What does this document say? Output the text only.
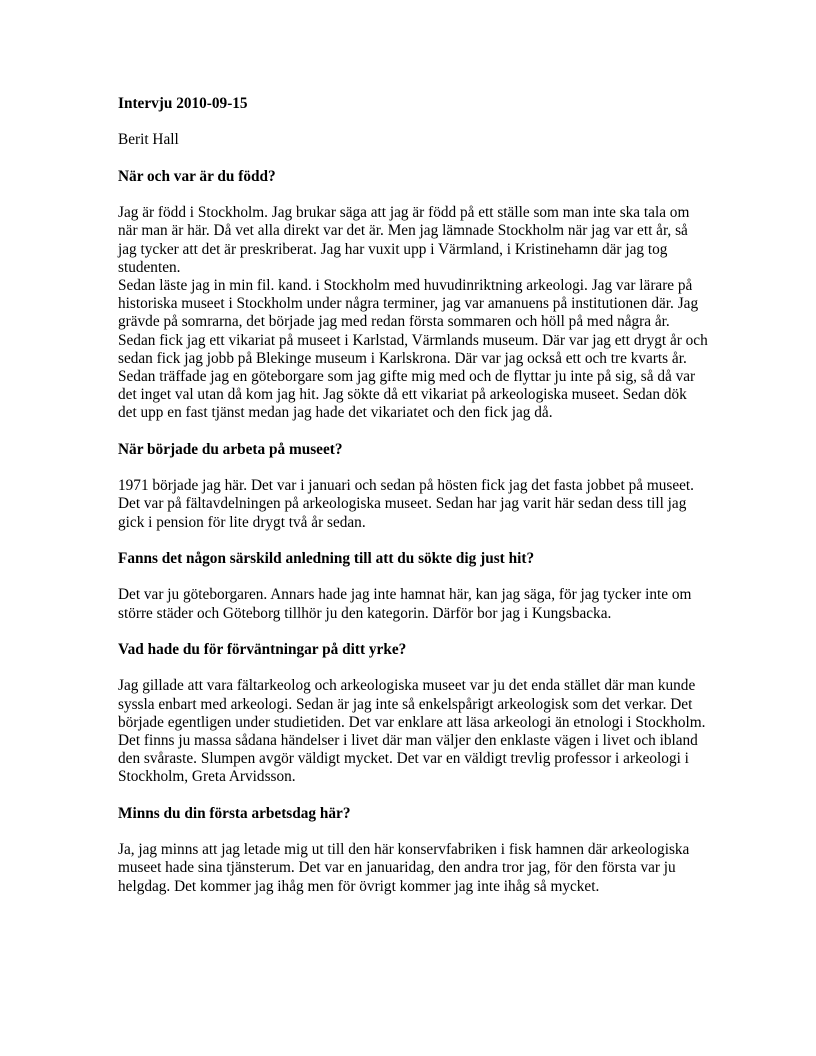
Intervju 2010-09-15
Berit Hall
När och var är du född?
Jag är född i Stockholm. Jag brukar säga att jag är född på ett ställe som man inte ska tala om när man är här. Då vet alla direkt var det är. Men jag lämnade Stockholm när jag var ett år, så jag tycker att det är preskriberat. Jag har vuxit upp i Värmland, i Kristinehamn där jag tog studenten.
Sedan läste jag in min fil. kand. i Stockholm med huvudinriktning arkeologi. Jag var lärare på historiska museet i Stockholm under några terminer, jag var amanuens på institutionen där. Jag grävde på somrarna, det började jag med redan första sommaren och höll på med några år. Sedan fick jag ett vikariat på museet i Karlstad, Värmlands museum. Där var jag ett drygt år och sedan fick jag jobb på Blekinge museum i Karlskrona. Där var jag också ett och tre kvarts år. Sedan träffade jag en göteborgare som jag gifte mig med och de flyttar ju inte på sig, så då var det inget val utan då kom jag hit. Jag sökte då ett vikariat på arkeologiska museet. Sedan dök det upp en fast tjänst medan jag hade det vikariatet och den fick jag då.
När började du arbeta på museet?
1971 började jag här. Det var i januari och sedan på hösten fick jag det fasta jobbet på museet. Det var på fältavdelningen på arkeologiska museet. Sedan har jag varit här sedan dess till jag gick i pension för lite drygt två år sedan.
Fanns det någon särskild anledning till att du sökte dig just hit?
Det var ju göteborgaren. Annars hade jag inte hamnat här, kan jag säga, för jag tycker inte om större städer och Göteborg tillhör ju den kategorin. Därför bor jag i Kungsbacka.
Vad hade du för förväntningar på ditt yrke?
Jag gillade att vara fältarkeolog och arkeologiska museet var ju det enda stället där man kunde syssla enbart med arkeologi. Sedan är jag inte så enkelspårigt arkeologisk som det verkar. Det började egentligen under studietiden. Det var enklare att läsa arkeologi än etnologi i Stockholm. Det finns ju massa sådana händelser i livet där man väljer den enklaste vägen i livet och ibland den svåraste. Slumpen avgör väldigt mycket. Det var en väldigt trevlig professor i arkeologi i Stockholm, Greta Arvidsson.
Minns du din första arbetsdag här?
Ja, jag minns att jag letade mig ut till den här konservfabriken i fisk hamnen där arkeologiska museet hade sina tjänsterum. Det var en januaridag, den andra tror jag, för den första var ju helgdag. Det kommer jag ihåg men för övrigt kommer jag inte ihåg så mycket.
